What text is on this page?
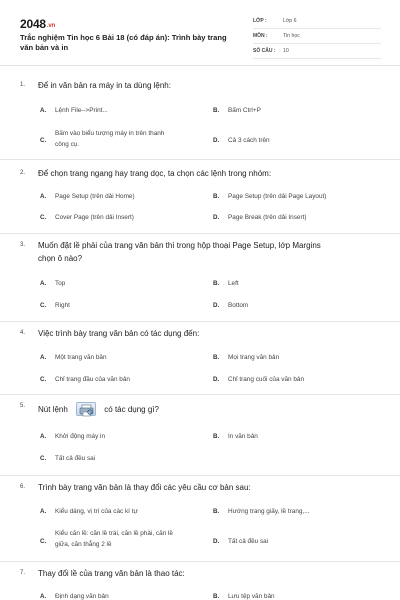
2048.vn
Trắc nghiệm Tin học 6 Bài 18 (có đáp án): Trình bày trang văn bản và in
LỚP :	Lớp 6
MÔN :	Tin học
SỐ CÂU :	10
1. Để in văn bản ra máy in ta dùng lệnh:
A. Lệnh File-->Print...	B. Bấm Ctrl+P
C.
Bấm vào biểu tượng máy in trên thanh
công cụ.
D. Cả 3 cách trên
2. Để chọn trang ngang hay trang dọc, ta chọn các lệnh trong nhóm:
A. Page Setup (trên dải Home)	B. Page Setup (trên dải Page Layout)
C. Cover Page (trên dải Insert)	D. Page Break (trên dải Insert)
3. Muốn đặt lề phải của trang văn bản thì trong hộp thoại Page Setup, lớp Margins
chọn ô nào?
A. Top	B. Left
C. Right	D. Bottom
4. Việc trình bày trang văn bản có tác dụng đến:
A. Một trang văn bản	B. Mọi trang văn bản
C. Chỉ trang đầu của văn bản	D. Chỉ trang cuối của văn bản
5. Nút lệnh	có tác dụng gì?
A. Khởi động máy in	B. In văn bản
C. Tất cả đều sai
6. Trình bày trang văn bản là thay đổi các yêu cầu cơ bản sau:
A. Kiểu dáng, vị trí của các kí tự	B. Hướng trang giấy, lề trang,...
C.
Kiểu căn lề: căn lề trái, căn lề phải, căn lề
giữa, căn thẳng 2 lề	D. Tất cả đều sai
7. Thay đổi lề của trang văn bản là thao tác:
A. Định dạng văn bản	B. Lưu tệp văn bản
